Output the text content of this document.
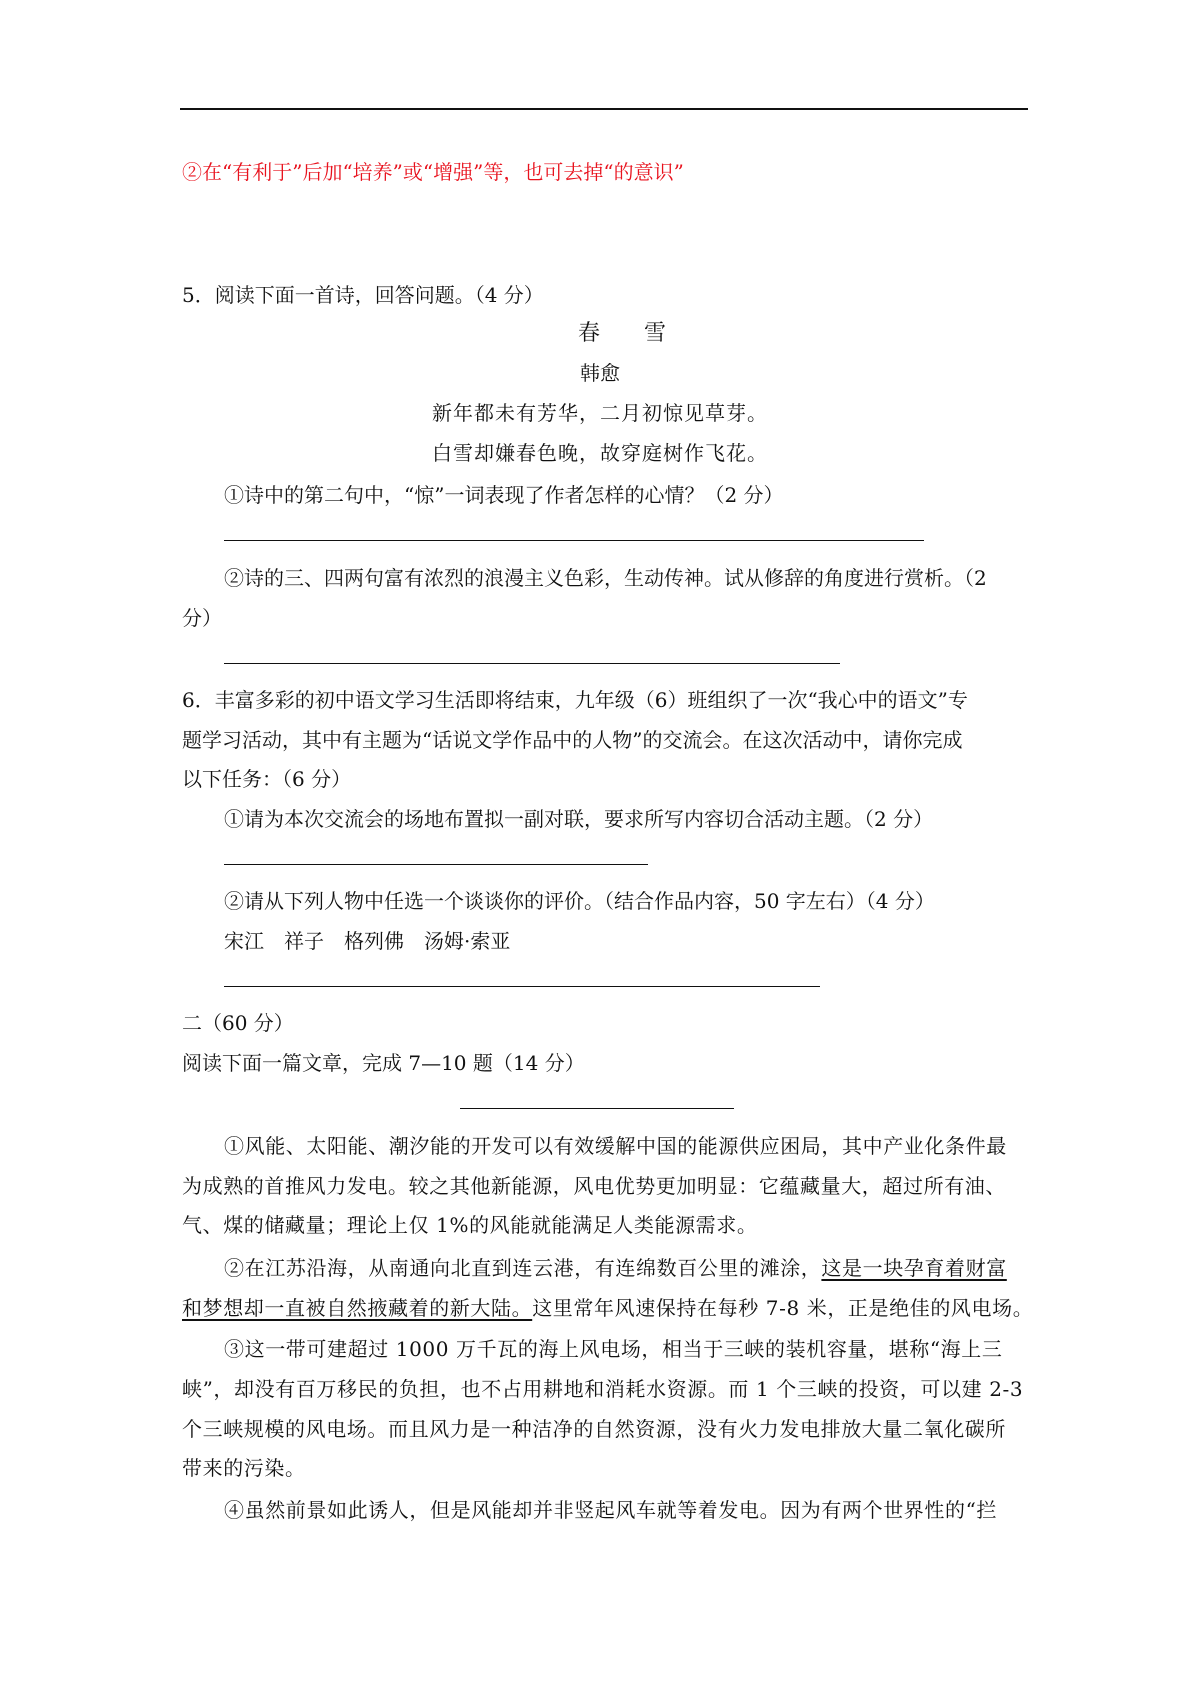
②在“有利于”后加“培养”或“增强”等，也可去掉“的意识”
5．阅读下面一首诗，回答问题。（4 分）
春雪
韩愈
新年都未有芳华，二月初惊见草芽。
白雪却嫌春色晚，故穿庭树作飞花。
①诗中的第二句中，“惊”一词表现了作者怎样的心情？（2 分）
②诗的三、四两句富有浓烈的浪漫主义色彩，生动传神。试从修辞的角度进行赏析。（2
分）
6．丰富多彩的初中语文学习生活即将结束，九年级（6）班组织了一次“我心中的语文”专
题学习活动，其中有主题为“话说文学作品中的人物”的交流会。在这次活动中，请你完成
以下任务：（6 分）
①请为本次交流会的场地布置拟一副对联，要求所写内容切合活动主题。（2 分）
②请从下列人物中任选一个谈谈你的评价。（结合作品内容，50 字左右）（4 分）
宋江　祥子　格列佛　汤姆·索亚
二（60 分）
阅读下面一篇文章，完成 7—10 题（14 分）
①风能、太阳能、潮汐能的开发可以有效缓解中国的能源供应困局，其中产业化条件最
为成熟的首推风力发电。较之其他新能源，风电优势更加明显：它蕴藏量大，超过所有油、
气、煤的储藏量；理论上仅 1%的风能就能满足人类能源需求。
②在江苏沿海，从南通向北直到连云港，有连绵数百公里的滩涂，这是一块孕育着财富
和梦想却一直被自然掖藏着的新大陆。这里常年风速保持在每秒 7-8 米，正是绝佳的风电场。
③这一带可建超过 1000 万千瓦的海上风电场，相当于三峡的装机容量，堪称“海上三
峡”，却没有百万移民的负担，也不占用耕地和消耗水资源。而 1 个三峡的投资，可以建 2-3
个三峡规模的风电场。而且风力是一种洁净的自然资源，没有火力发电排放大量二氧化碳所
带来的污染。
④虽然前景如此诱人，但是风能却并非竖起风车就等着发电。因为有两个世界性的“拦
